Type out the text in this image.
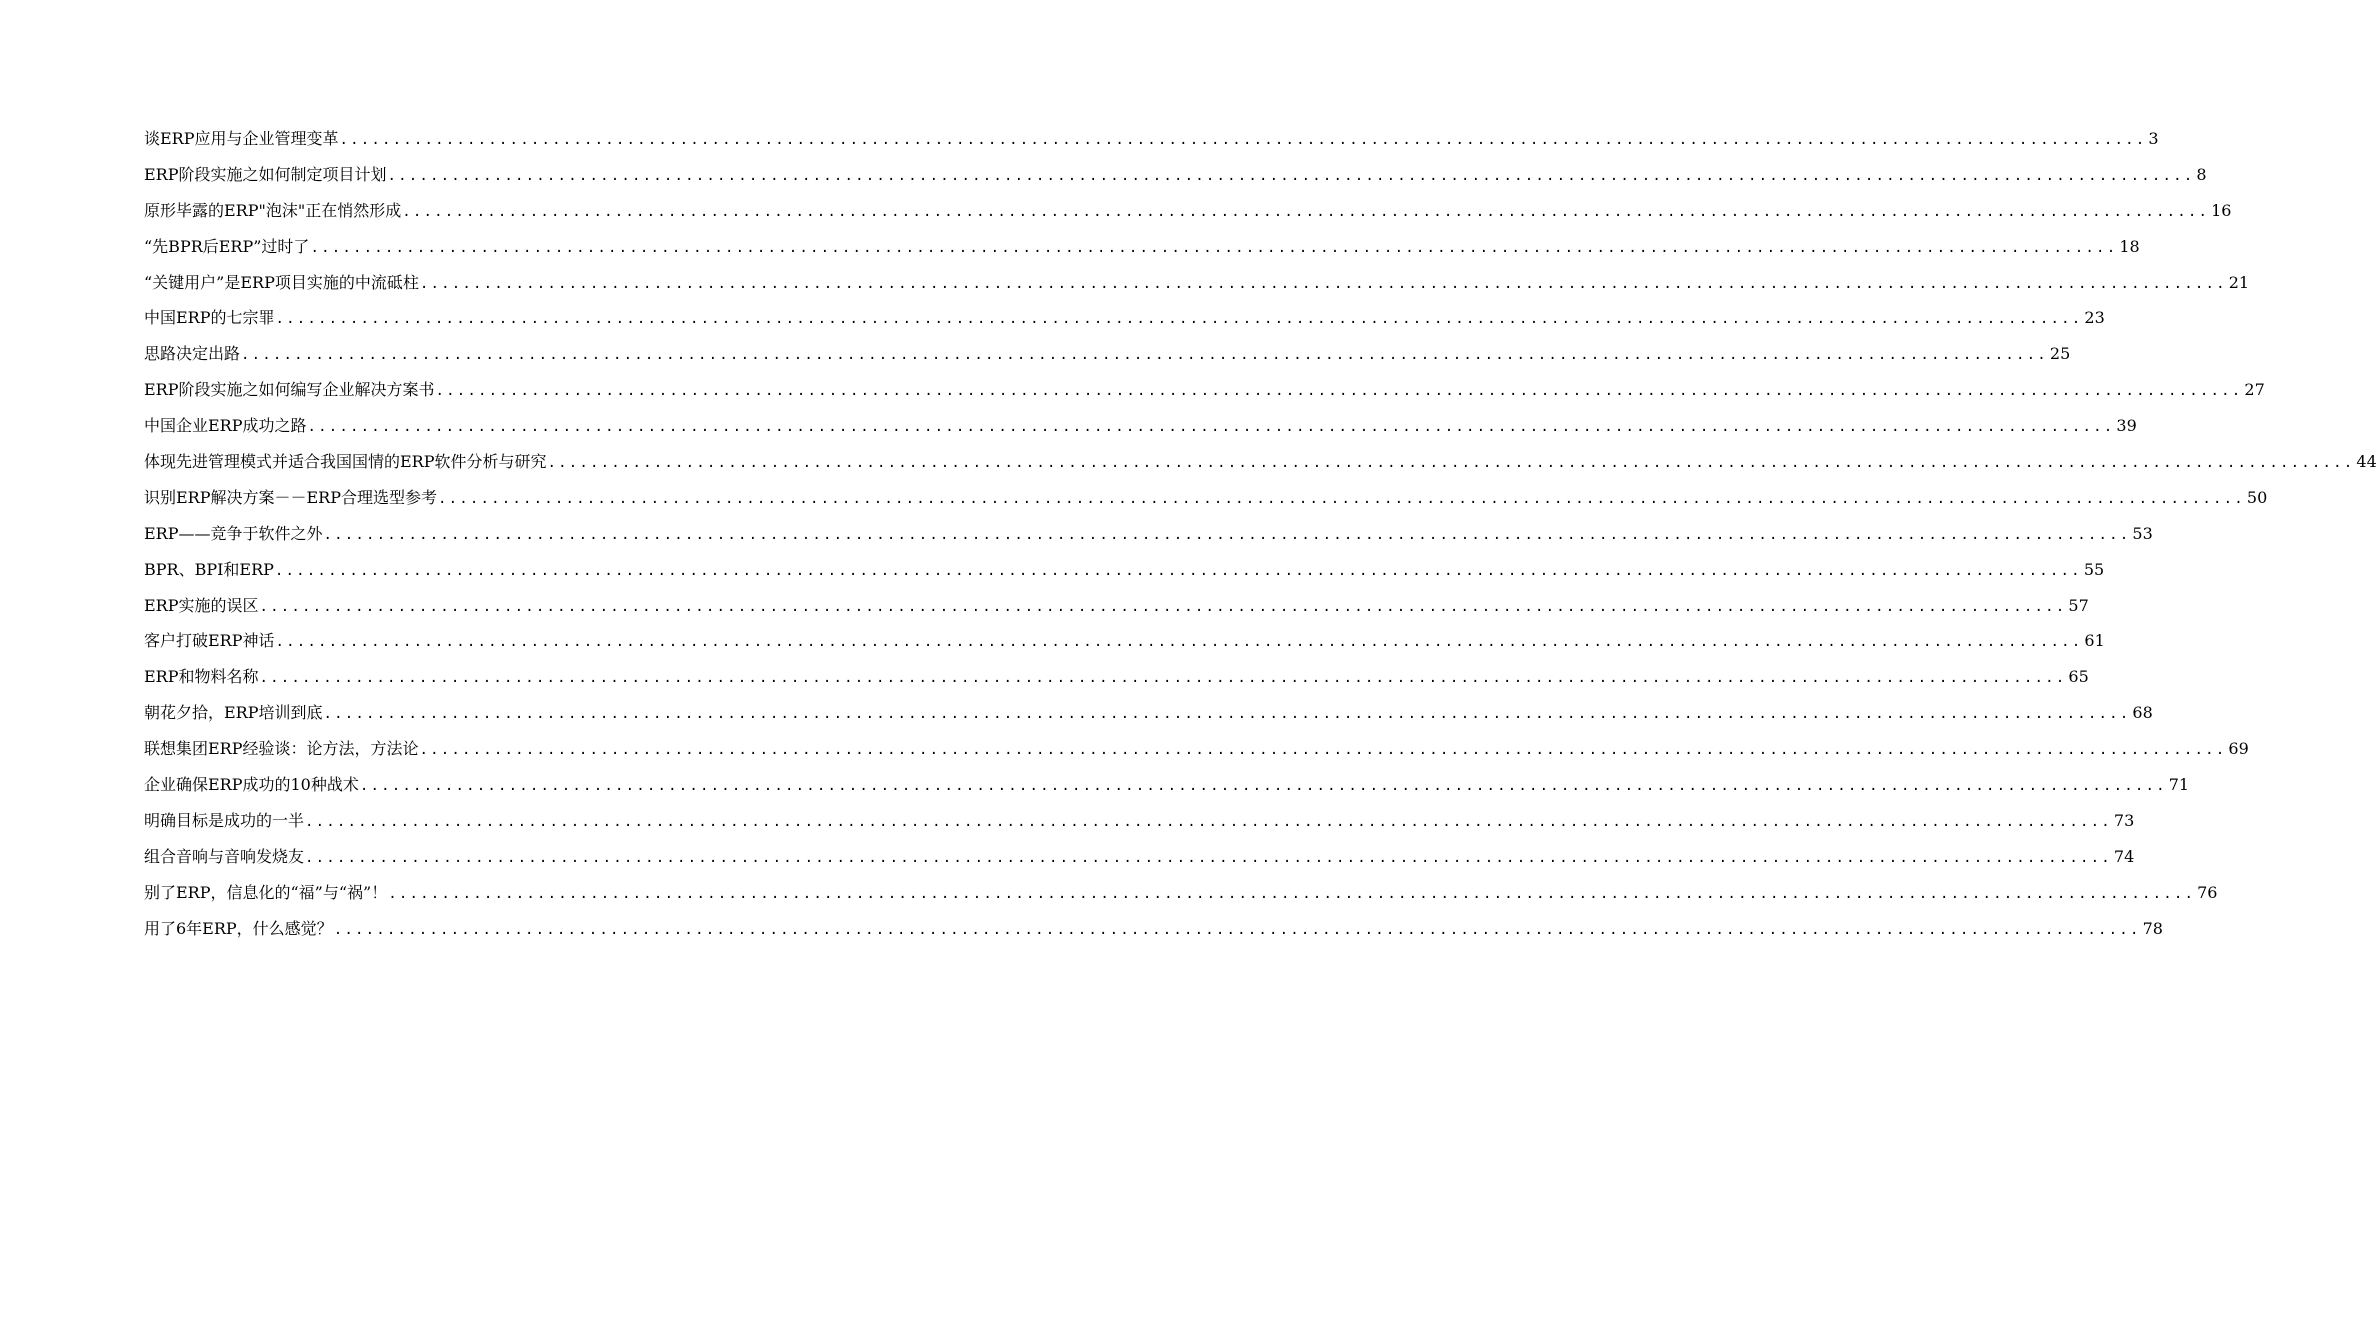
谈ERP应用与企业管理变革 .......................................................................................................................................................................... 3
ERP阶段实施之如何制定项目计划 .......................................................................................................................................................................... 8
原形毕露的ERP"泡沫"正在悄然形成 .......................................................................................................................................................................... 16
“先BPR后ERP”过时了 .......................................................................................................................................................................... 18
“关键用户”是ERP项目实施的中流砥柱 .......................................................................................................................................................................... 21
中国ERP的七宗罪 .......................................................................................................................................................................... 23
思路决定出路 .......................................................................................................................................................................... 25
ERP阶段实施之如何编写企业解决方案书 .......................................................................................................................................................................... 27
中国企业ERP成功之路 .......................................................................................................................................................................... 39
体现先进管理模式并适合我国国情的ERP软件分析与研究 .......................................................................................................................................................................... 44
识别ERP解决方案－－ERP合理选型参考 .......................................................................................................................................................................... 50
ERP——竞争于软件之外 .......................................................................................................................................................................... 53
BPR、BPI和ERP .......................................................................................................................................................................... 55
ERP实施的误区 .......................................................................................................................................................................... 57
客户打破ERP神话 .......................................................................................................................................................................... 61
ERP和物料名称 .......................................................................................................................................................................... 65
朝花夕拾，ERP培训到底 .......................................................................................................................................................................... 68
联想集团ERP经验谈：论方法，方法论 .......................................................................................................................................................................... 69
企业确保ERP成功的10种战术 .......................................................................................................................................................................... 71
明确目标是成功的一半 .......................................................................................................................................................................... 73
组合音响与音响发烧友 .......................................................................................................................................................................... 74
别了ERP，信息化的“福”与“祸”！ .......................................................................................................................................................................... 76
用了6年ERP，什么感觉？ .......................................................................................................................................................................... 78
